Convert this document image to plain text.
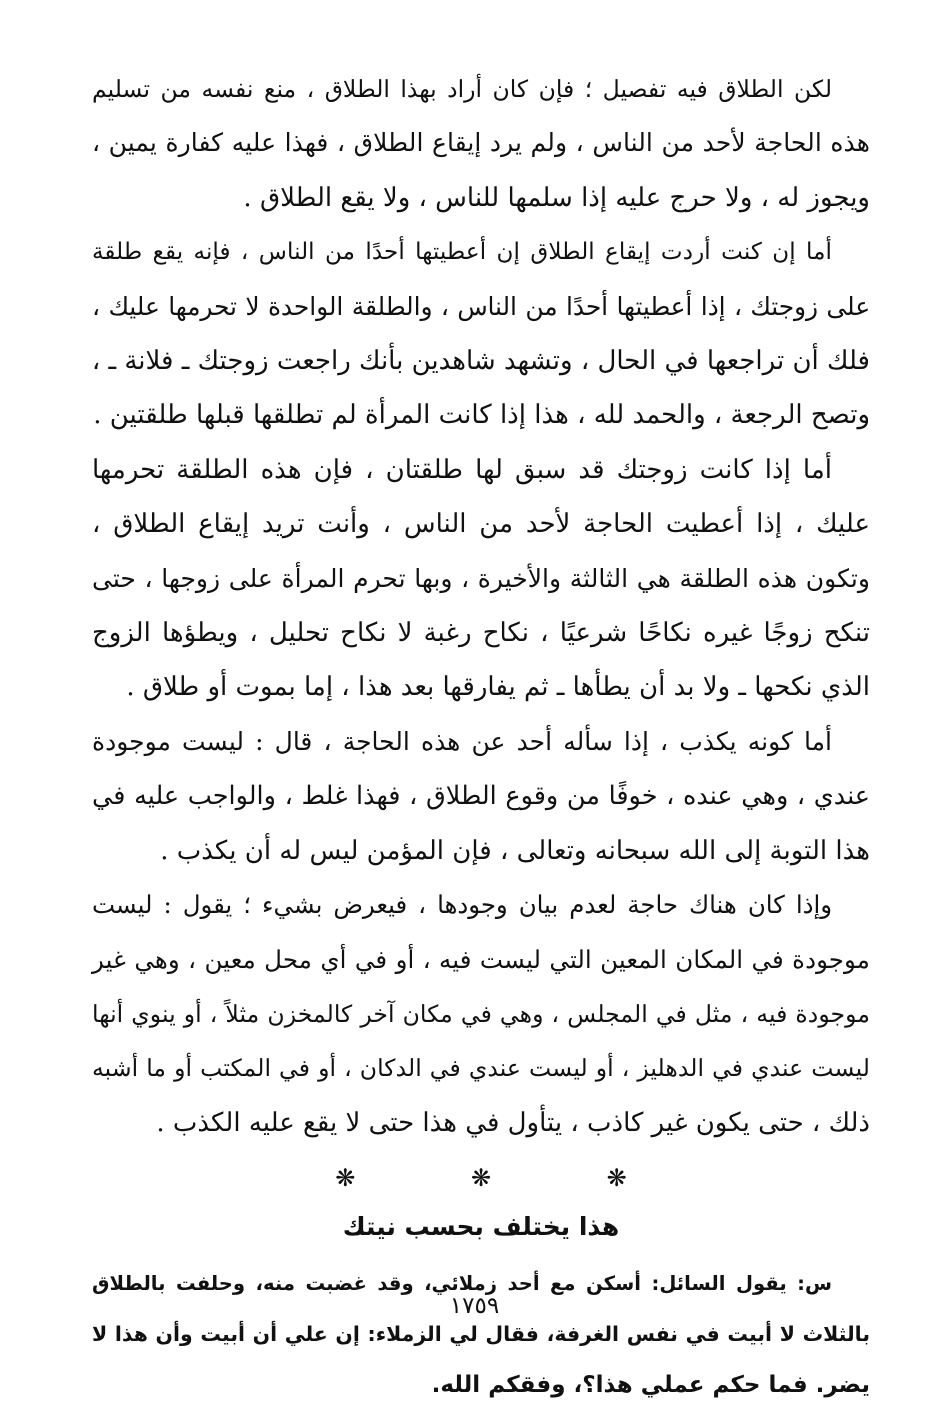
لكن الطلاق فيه تفصيل ؛ فإن كان أراد بهذا الطلاق ، منع نفسه من تسليم
هذه الحاجة لأحد من الناس ، ولم يرد إيقاع الطلاق ، فهذا عليه كفارة يمين ،
ويجوز له ، ولا حرج عليه إذا سلمها للناس ، ولا يقع الطلاق .
أما إن كنت أردت إيقاع الطلاق إن أعطيتها أحدًا من الناس ، فإنه يقع طلقة
على زوجتك ، إذا أعطيتها أحدًا من الناس ، والطلقة الواحدة لا تحرمها عليك ،
فلك أن تراجعها في الحال ، وتشهد شاهدين بأنك راجعت زوجتك ـ فلانة ـ ،
وتصح الرجعة ، والحمد لله ، هذا إذا كانت المرأة لم تطلقها قبلها طلقتين .
أما إذا كانت زوجتك قد سبق لها طلقتان ، فإن هذه الطلقة تحرمها
عليك ، إذا أعطيت الحاجة لأحد من الناس ، وأنت تريد إيقاع الطلاق ،
وتكون هذه الطلقة هي الثالثة والأخيرة ، وبها تحرم المرأة على زوجها ، حتى
تنكح زوجًا غيره نكاحًا شرعيًا ، نكاح رغبة لا نكاح تحليل ، ويطؤها الزوج
الذي نكحها ـ ولا بد أن يطأها ـ ثم يفارقها بعد هذا ، إما بموت أو طلاق .
أما كونه يكذب ، إذا سأله أحد عن هذه الحاجة ، قال : ليست موجودة
عندي ، وهي عنده ، خوفًا من وقوع الطلاق ، فهذا غلط ، والواجب عليه في
هذا التوبة إلى الله سبحانه وتعالى ، فإن المؤمن ليس له أن يكذب .
وإذا كان هناك حاجة لعدم بيان وجودها ، فيعرض بشيء ؛ يقول : ليست
موجودة في المكان المعين التي ليست فيه ، أو في أي محل معين ، وهي غير
موجودة فيه ، مثل في المجلس ، وهي في مكان آخر كالمخزن مثلاً ، أو ينوي أنها
ليست عندي في الدهليز ، أو ليست عندي في الدكان ، أو في المكتب أو ما أشبه
ذلك ، حتى يكون غير كاذب ، يتأول في هذا حتى لا يقع عليه الكذب .
❋ ❋ ❋
هذا يختلف بحسب نيتك
س: يقول السائل: أسكن مع أحد زملائي، وقد غضبت منه، وحلفت بالطلاق
بالثلاث لا أبيت في نفس الغرفة، فقال لي الزملاء: إن علي أن أبيت وأن هذا لا
يضر. فما حكم عملي هذا؟، وفقكم الله.
١٧٥٩
